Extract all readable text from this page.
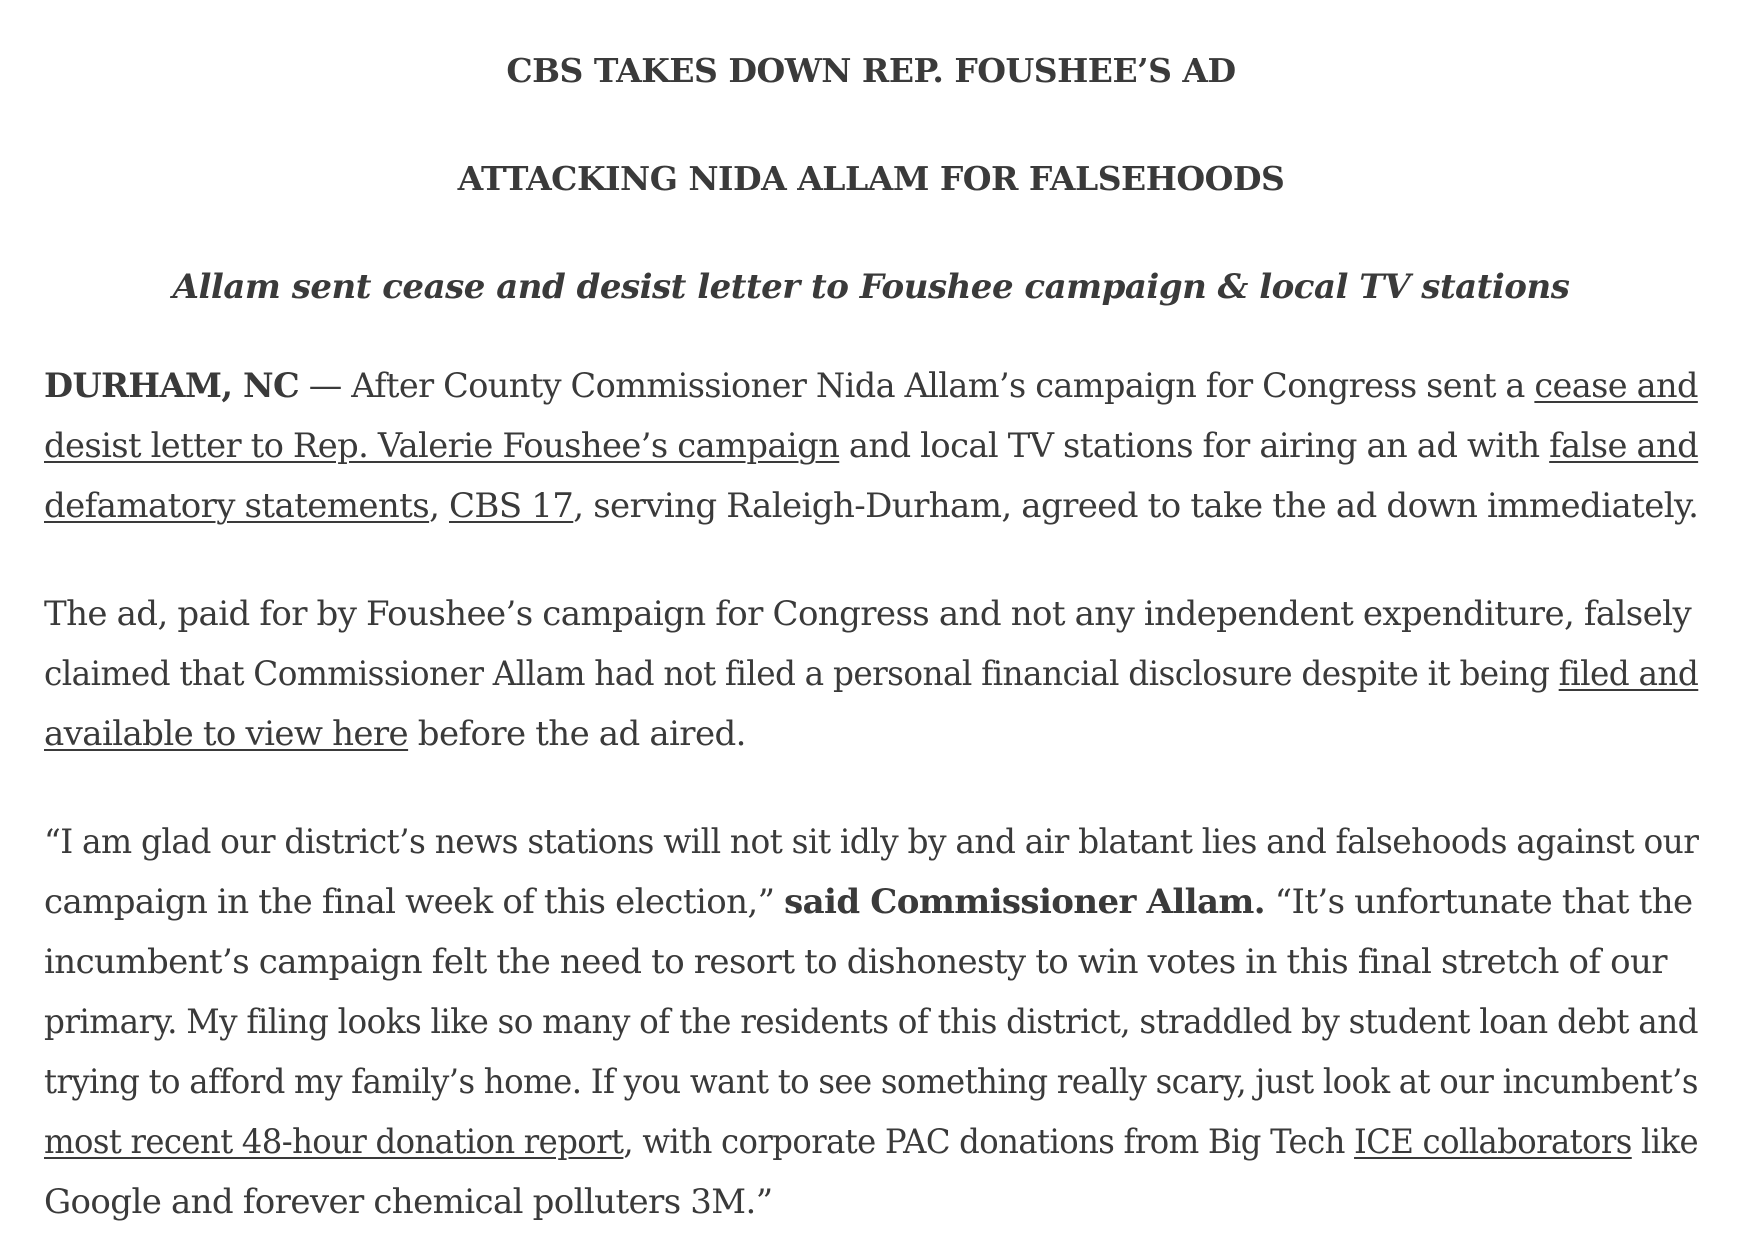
CBS TAKES DOWN REP. FOUSHEE’S AD

ATTACKING NIDA ALLAM FOR FALSEHOODS

Allam sent cease and desist letter to Foushee campaign & local TV stations

DURHAM, NC — After County Commissioner Nida Allam’s campaign for Congress sent a cease and
desist letter to Rep. Valerie Foushee’s campaign and local TV stations for airing an ad with false and
defamatory statements, CBS 17, serving Raleigh-Durham, agreed to take the ad down immediately.

The ad, paid for by Foushee’s campaign for Congress and not any independent expenditure, falsely
claimed that Commissioner Allam had not filed a personal financial disclosure despite it being filed and
available to view here before the ad aired.

“I am glad our district’s news stations will not sit idly by and air blatant lies and falsehoods against our
campaign in the final week of this election,” said Commissioner Allam. “It’s unfortunate that the
incumbent’s campaign felt the need to resort to dishonesty to win votes in this final stretch of our
primary. My filing looks like so many of the residents of this district, straddled by student loan debt and
trying to afford my family’s home. If you want to see something really scary, just look at our incumbent’s
most recent 48-hour donation report, with corporate PAC donations from Big Tech ICE collaborators like
Google and forever chemical polluters 3M.”
